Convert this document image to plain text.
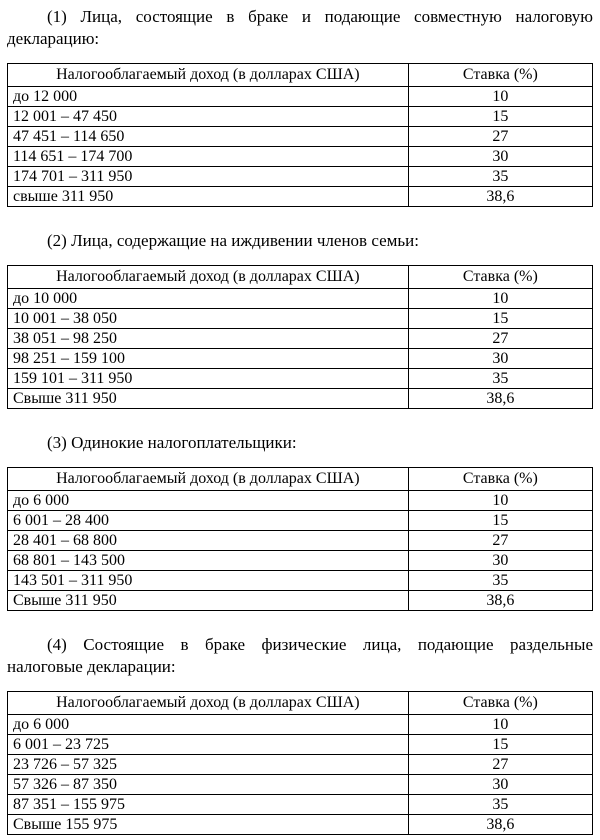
(1) Лица, состоящие в браке и подающие совместную налоговую
декларацию:

Налогооблагаемый доход (в долларах США)	Ставка (%)
до 12 000	10
12 001 – 47 450	15
47 451 – 114 650	27
114 651 – 174 700	30
174 701 – 311 950	35
свыше 311 950	38,6

(2) Лица, содержащие на иждивении членов семьи:

Налогооблагаемый доход (в долларах США)	Ставка (%)
до 10 000	10
10 001 – 38 050	15
38 051 – 98 250	27
98 251 – 159 100	30
159 101 – 311 950	35
Свыше 311 950	38,6

(3) Одинокие налогоплательщики:

Налогооблагаемый доход (в долларах США)	Ставка (%)
до 6 000	10
6 001 – 28 400	15
28 401 – 68 800	27
68 801 – 143 500	30
143 501 – 311 950	35
Свыше 311 950	38,6

(4) Состоящие в браке физические лица, подающие раздельные
налоговые декларации:

Налогооблагаемый доход (в долларах США)	Ставка (%)
до 6 000	10
6 001 – 23 725	15
23 726 – 57 325	27
57 326 – 87 350	30
87 351 – 155 975	35
Свыше 155 975	38,6
